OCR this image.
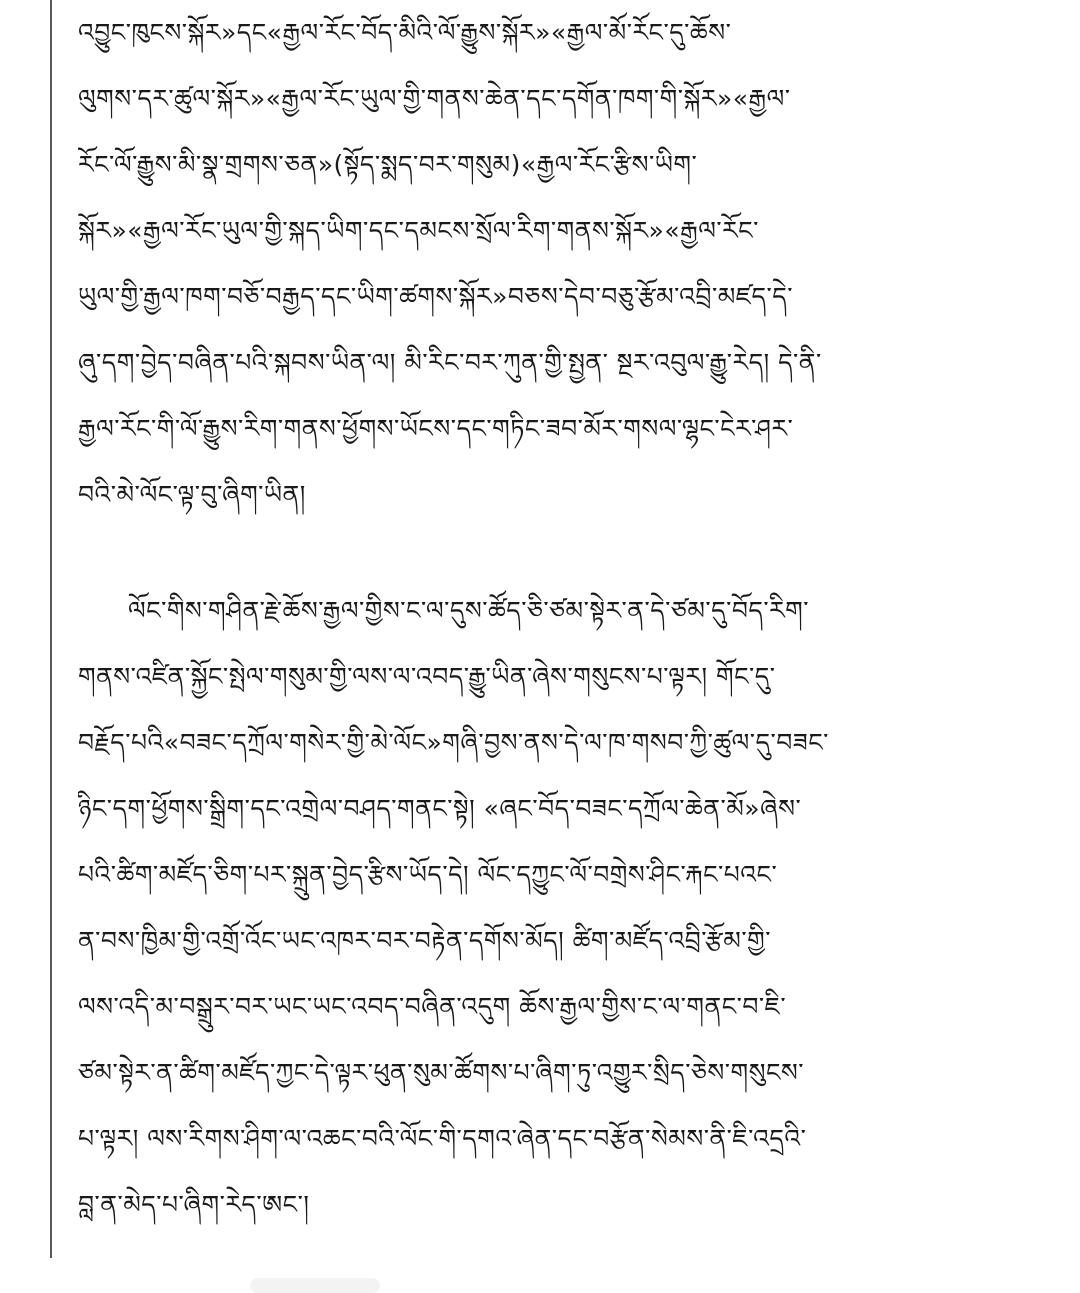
འབྱུང་ཁུངས་སྐོར»དང«རྒྱལ་རོང་བོད་མིའི་ལོ་རྒྱུས་སྐོར»«རྒྱལ་མོ་རོང་དུ་ཆོས་
ལུགས་དར་ཚུལ་སྐོར»«རྒྱལ་རོང་ཡུལ་གྱི་གནས་ཆེན་དང་དགོན་ཁག་གི་སྐོར»«རྒྱལ་
རོང་ལོ་རྒྱུས་མི་སྣ་གྲགས་ཅན»(སྟོད་སྨད་བར་གསུམ)«རྒྱལ་རོང་རྩིས་ཡིག་
སྐོར»«རྒྱལ་རོང་ཡུལ་གྱི་སྐད་ཡིག་དང་དམངས་སྲོལ་རིག་གནས་སྐོར»«རྒྱལ་རོང་
ཡུལ་གྱི་རྒྱལ་ཁག་བཅོ་བརྒྱད་དང་ཡིག་ཚགས་སྐོར»བཅས་དེབ་བཅུ་རྩོམ་འབྲི་མཛད་དེ་
ཞུ་དག་བྱེད་བཞིན་པའི་སྐབས་ཡིན་ལ། མི་རིང་བར་ཀུན་གྱི་སྤྱན་ སྔར་འབུལ་རྒྱུ་རེད། དེ་ནི་
རྒྱལ་རོང་གི་ལོ་རྒྱུས་རིག་གནས་ཕྱོགས་ཡོངས་དང་གཏིང་ཟབ་མོར་གསལ་ལྷང་ངེར་ཤར་
བའི་མེ་ལོང་ལྟ་བུ་ཞིག་ཡིན།
ལོང་གིས་གཤིན་རྗེ་ཆོས་རྒྱལ་གྱིས་ང་ལ་དུས་ཚོད་ཅི་ཙམ་སྟེར་ན་དེ་ཙམ་དུ་བོད་རིག་
གནས་འཛིན་སྐྱོང་སྤེལ་གསུམ་གྱི་ལས་ལ་འབད་རྒྱུ་ཡིན་ཞེས་གསུངས་པ་ལྟར། གོང་དུ་
བརྗོད་པའི«བཟང་དཀྲོལ་གསེར་གྱི་མེ་ལོང»གཞི་བྱས་ནས་དེ་ལ་ཁ་གསབ་ཀྱི་ཚུལ་དུ་བཟང་
ཉིང་དག་ཕྱོགས་སྒྲིག་དང་འགྲེལ་བཤད་གནང་སྟེ། «ཞང་བོད་བཟང་དཀྲོལ་ཆེན་མོ»ཞེས་
པའི་ཚིག་མཛོད་ཅིག་པར་སྐྲུན་བྱེད་རྩིས་ཡོད་དེ། ལོང་དཀྱུང་ལོ་བགྲེས་ཤིང་རྐང་པའང་
ན་བས་ཁྱིམ་གྱི་འགྲོ་འོང་ཡང་འཁར་བར་བརྟེན་དགོས་མོད། ཚིག་མཛོད་འབྲི་རྩོམ་གྱི་
ལས་འདི་མ་བསྒྲུར་བར་ཡང་ཡང་འབད་བཞིན་འདུག ཆོས་རྒྱལ་གྱིས་ང་ལ་གནང་བ་ཇི་
ཙམ་སྟེར་ན་ཚིག་མཛོད་ཀྱང་དེ་ལྟར་ཕུན་སུམ་ཚོགས་པ་ཞིག་ཏུ་འགྱུར་སྲིད་ཅེས་གསུངས་
པ་ལྟར། ལས་རིགས་ཤིག་ལ་འཆང་བའི་ལོང་གི་དགའ་ཞེན་དང་བརྩོན་སེམས་ནི་ཇི་འདྲའི་
བླ་ན་མེད་པ་ཞིག་རེད་ཨང་།
